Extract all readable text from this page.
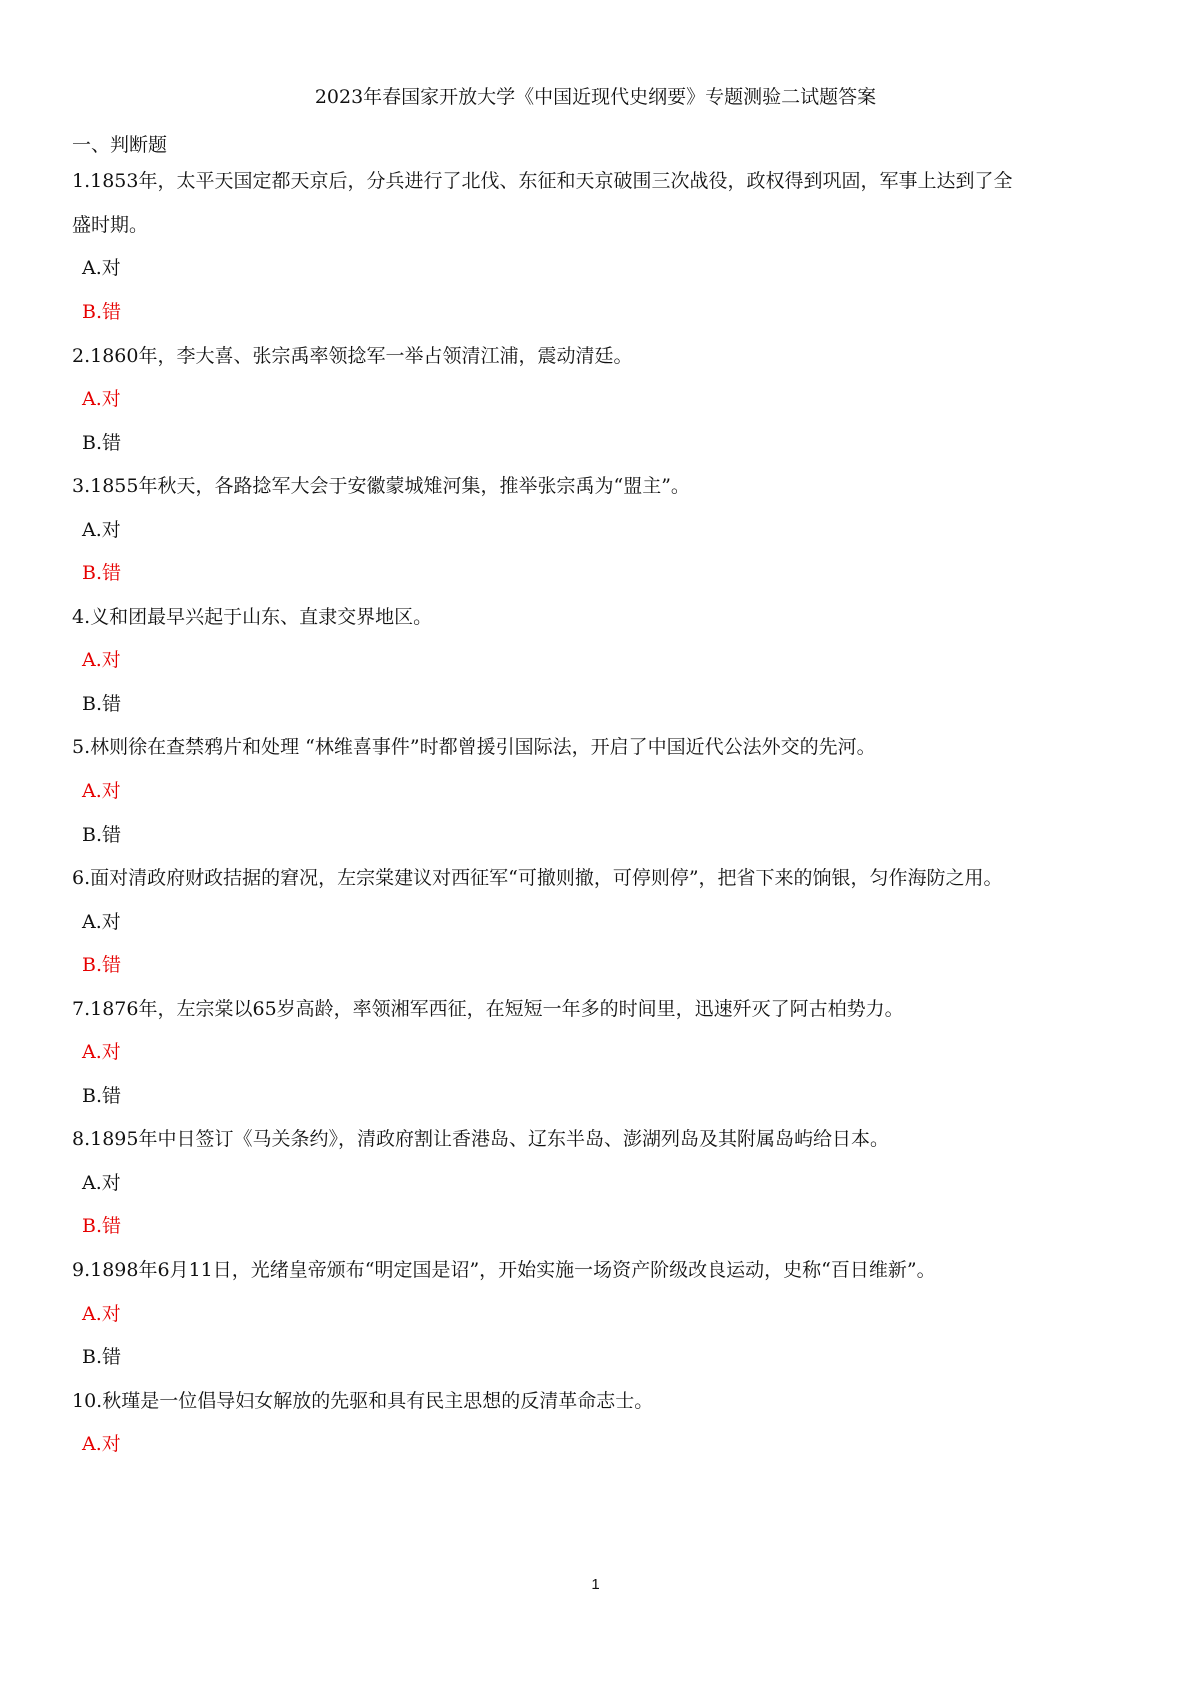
2023年春国家开放大学《中国近现代史纲要》专题测验二试题答案
一、判断题
1.1853年，太平天国定都天京后，分兵进行了北伐、东征和天京破围三次战役，政权得到巩固，军事上达到了全
盛时期。
A.对
B.错
2.1860年，李大喜、张宗禹率领捻军一举占领清江浦，震动清廷。
A.对
B.错
3.1855年秋天，各路捻军大会于安徽蒙城雉河集，推举张宗禹为“盟主”。
A.对
B.错
4.义和团最早兴起于山东、直隶交界地区。
A.对
B.错
5.林则徐在查禁鸦片和处理 “林维喜事件”时都曾援引国际法，开启了中国近代公法外交的先河。
A.对
B.错
6.面对清政府财政拮据的窘况，左宗棠建议对西征军“可撤则撤，可停则停”，把省下来的饷银，匀作海防之用。
A.对
B.错
7.1876年，左宗棠以65岁高龄，率领湘军西征，在短短一年多的时间里，迅速歼灭了阿古柏势力。
A.对
B.错
8.1895年中日签订《马关条约》，清政府割让香港岛、辽东半岛、澎湖列岛及其附属岛屿给日本。
A.对
B.错
9.1898年6月11日，光绪皇帝颁布“明定国是诏”，开始实施一场资产阶级改良运动，史称“百日维新”。
A.对
B.错
10.秋瑾是一位倡导妇女解放的先驱和具有民主思想的反清革命志士。
A.对
1
